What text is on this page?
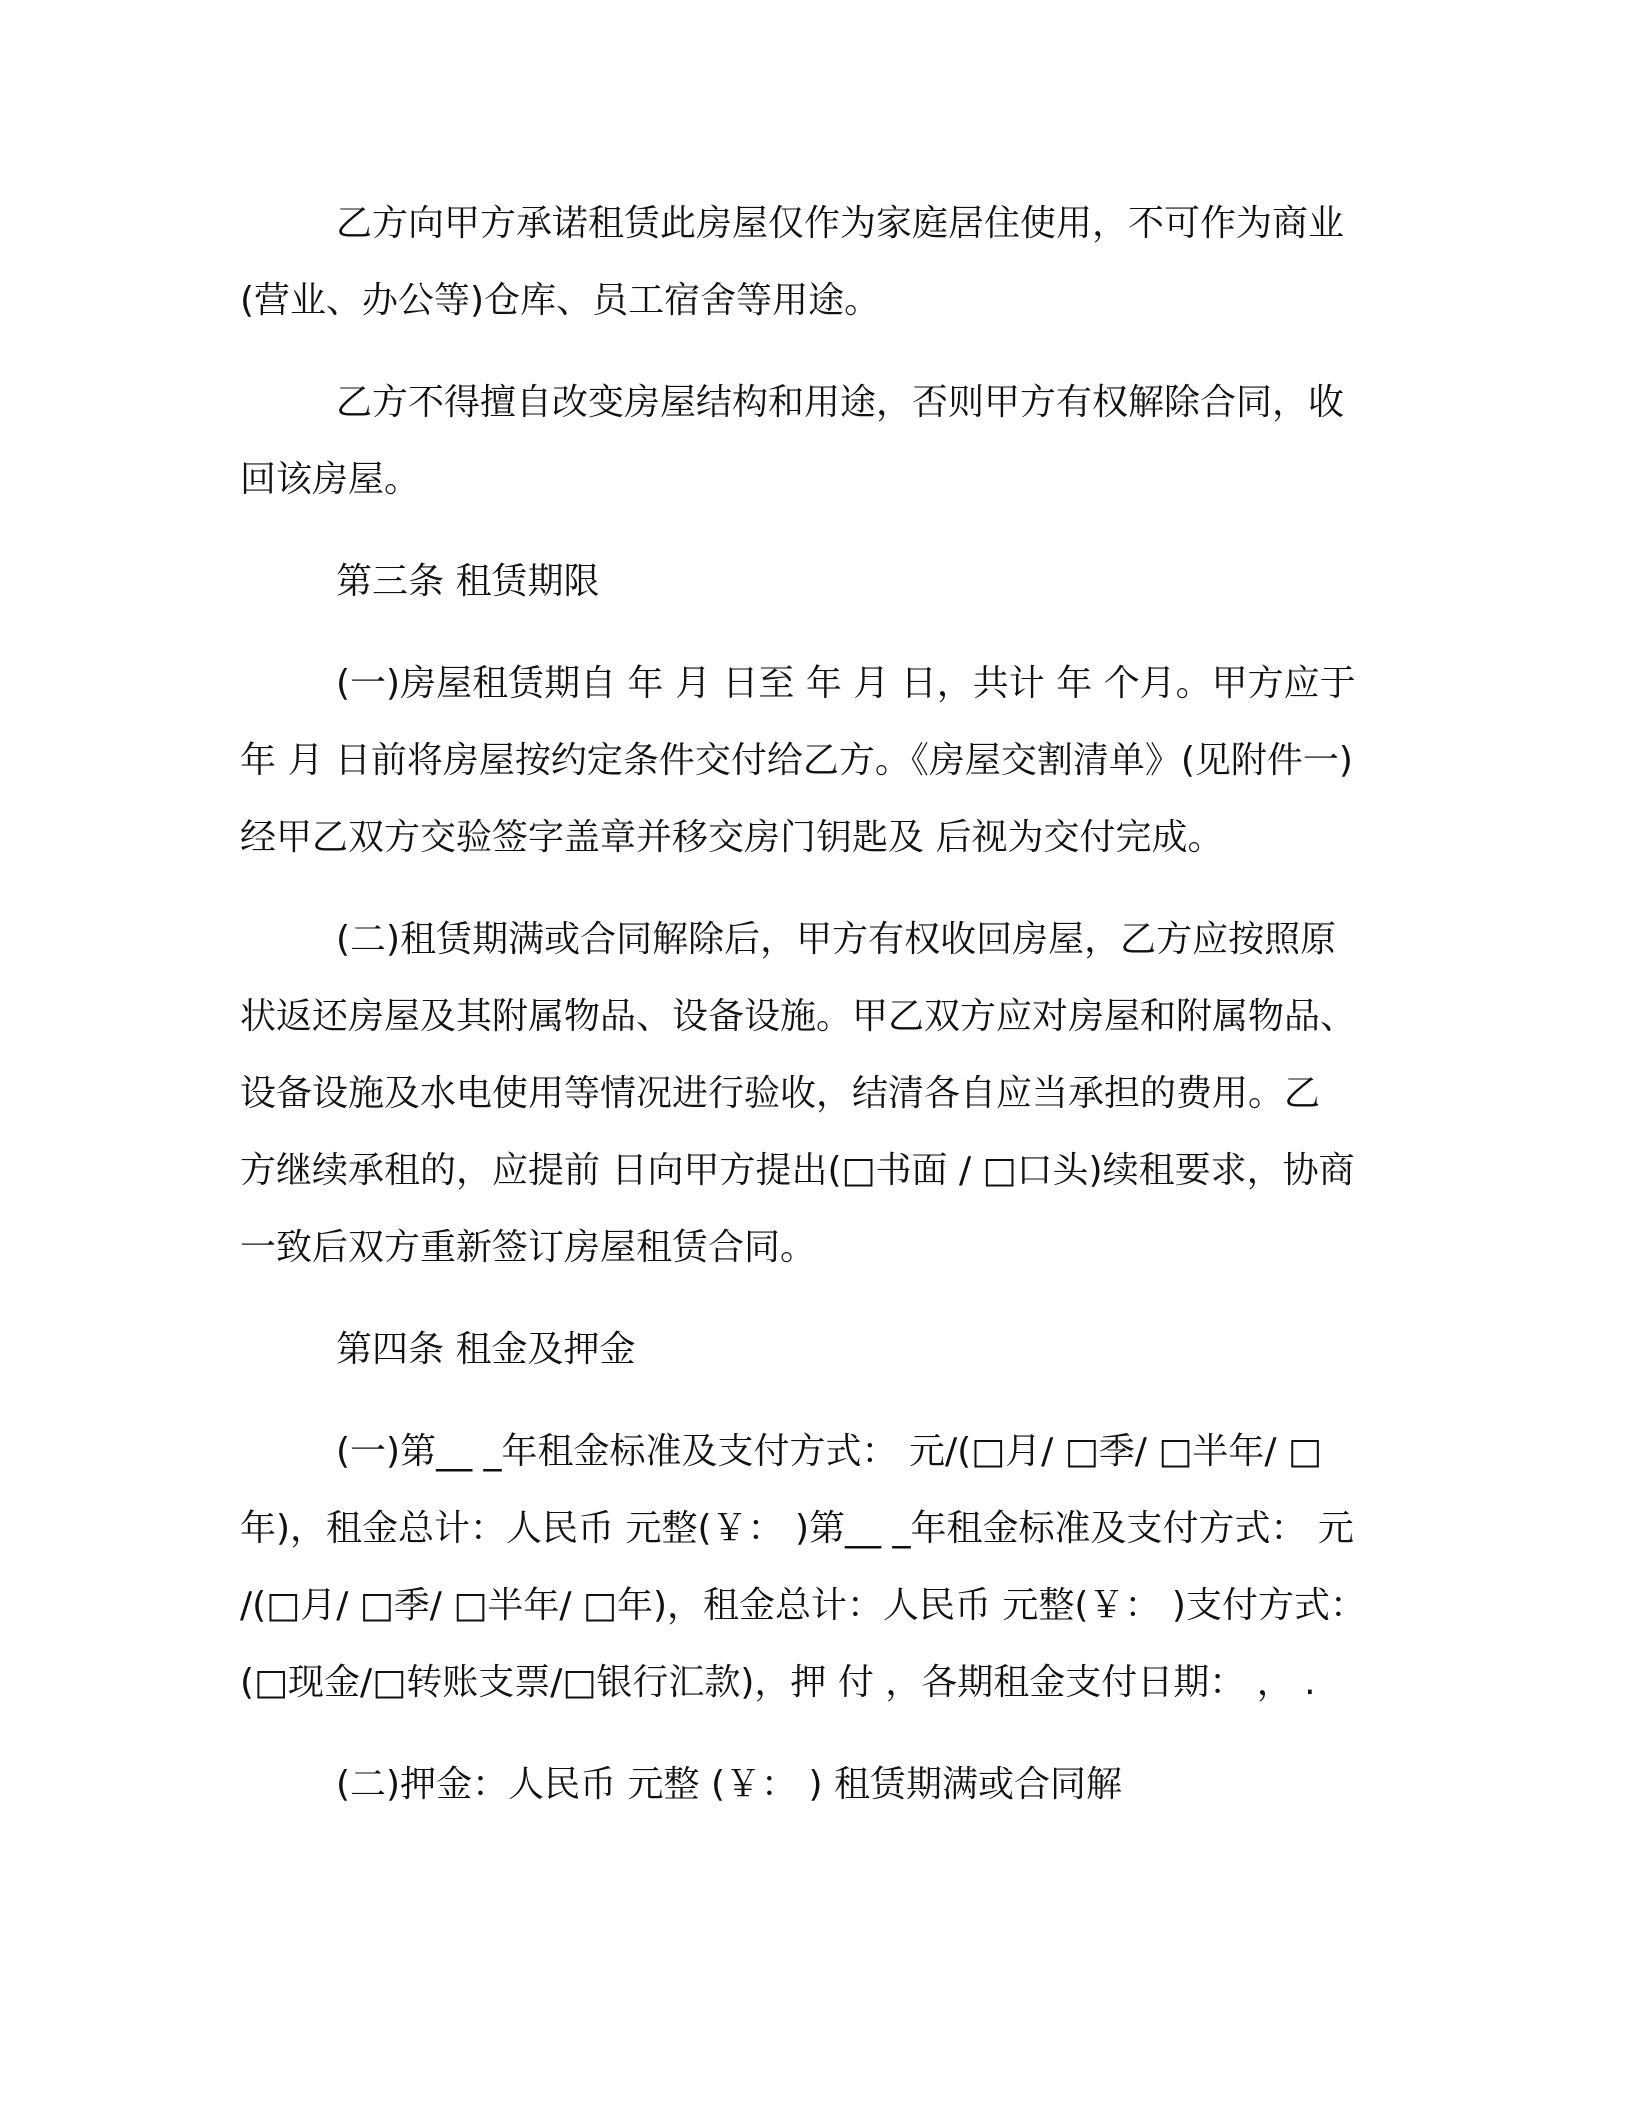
乙方向甲方承诺租赁此房屋仅作为家庭居住使用，不可作为商业
(营业、办公等)仓库、员工宿舍等用途。
乙方不得擅自改变房屋结构和用途，否则甲方有权解除合同，收
回该房屋。
第三条 租赁期限
(一)房屋租赁期自 年 月 日至 年 月 日，共计 年 个月。甲方应于
年 月 日前将房屋按约定条件交付给乙方。《房屋交割清单》(见附件一)
经甲乙双方交验签字盖章并移交房门钥匙及 后视为交付完成。
(二)租赁期满或合同解除后，甲方有权收回房屋，乙方应按照原
状返还房屋及其附属物品、设备设施。甲乙双方应对房屋和附属物品、
设备设施及水电使用等情况进行验收，结清各自应当承担的费用。乙
方继续承租的，应提前 日向甲方提出(□书面 / □口头)续租要求，协商
一致后双方重新签订房屋租赁合同。
第四条 租金及押金
(一)第__ _年租金标准及支付方式： 元/(□月/ □季/ □半年/ □
年)，租金总计：人民币 元整(￥： )第__ _年租金标准及支付方式： 元
/(□月/ □季/ □半年/ □年)，租金总计：人民币 元整(￥： )支付方式：
(□现金/□转账支票/□银行汇款)，押 付 ，各期租金支付日期： ， .
(二)押金：人民币 元整 (￥： ) 租赁期满或合同解
